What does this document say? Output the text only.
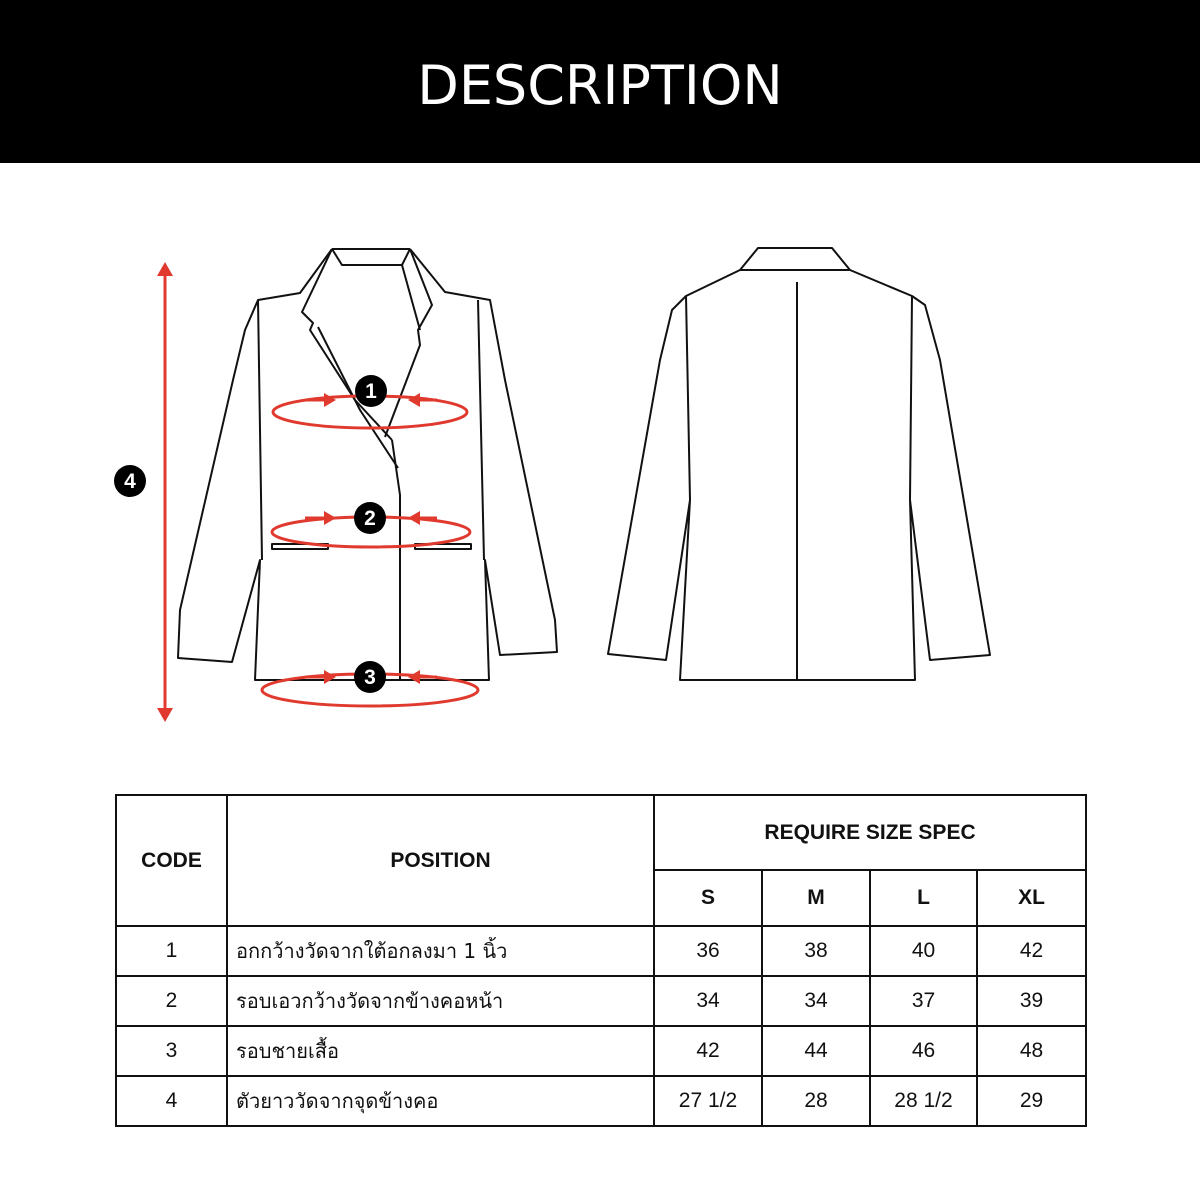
DESCRIPTION
1
2
3
4
CODE	POSITION	REQUIRE SIZE SPEC			
		S	M	L	XL
1	อกกว้างวัดจากใต้อกลงมา 1 นิ้ว	36	38	40	42
2	รอบเอวกว้างวัดจากข้างคอหน้า	34	34	37	39
3	รอบชายเสื้อ	42	44	46	48
4	ตัวยาววัดจากจุดข้างคอ	27 1/2	28	28 1/2	29
